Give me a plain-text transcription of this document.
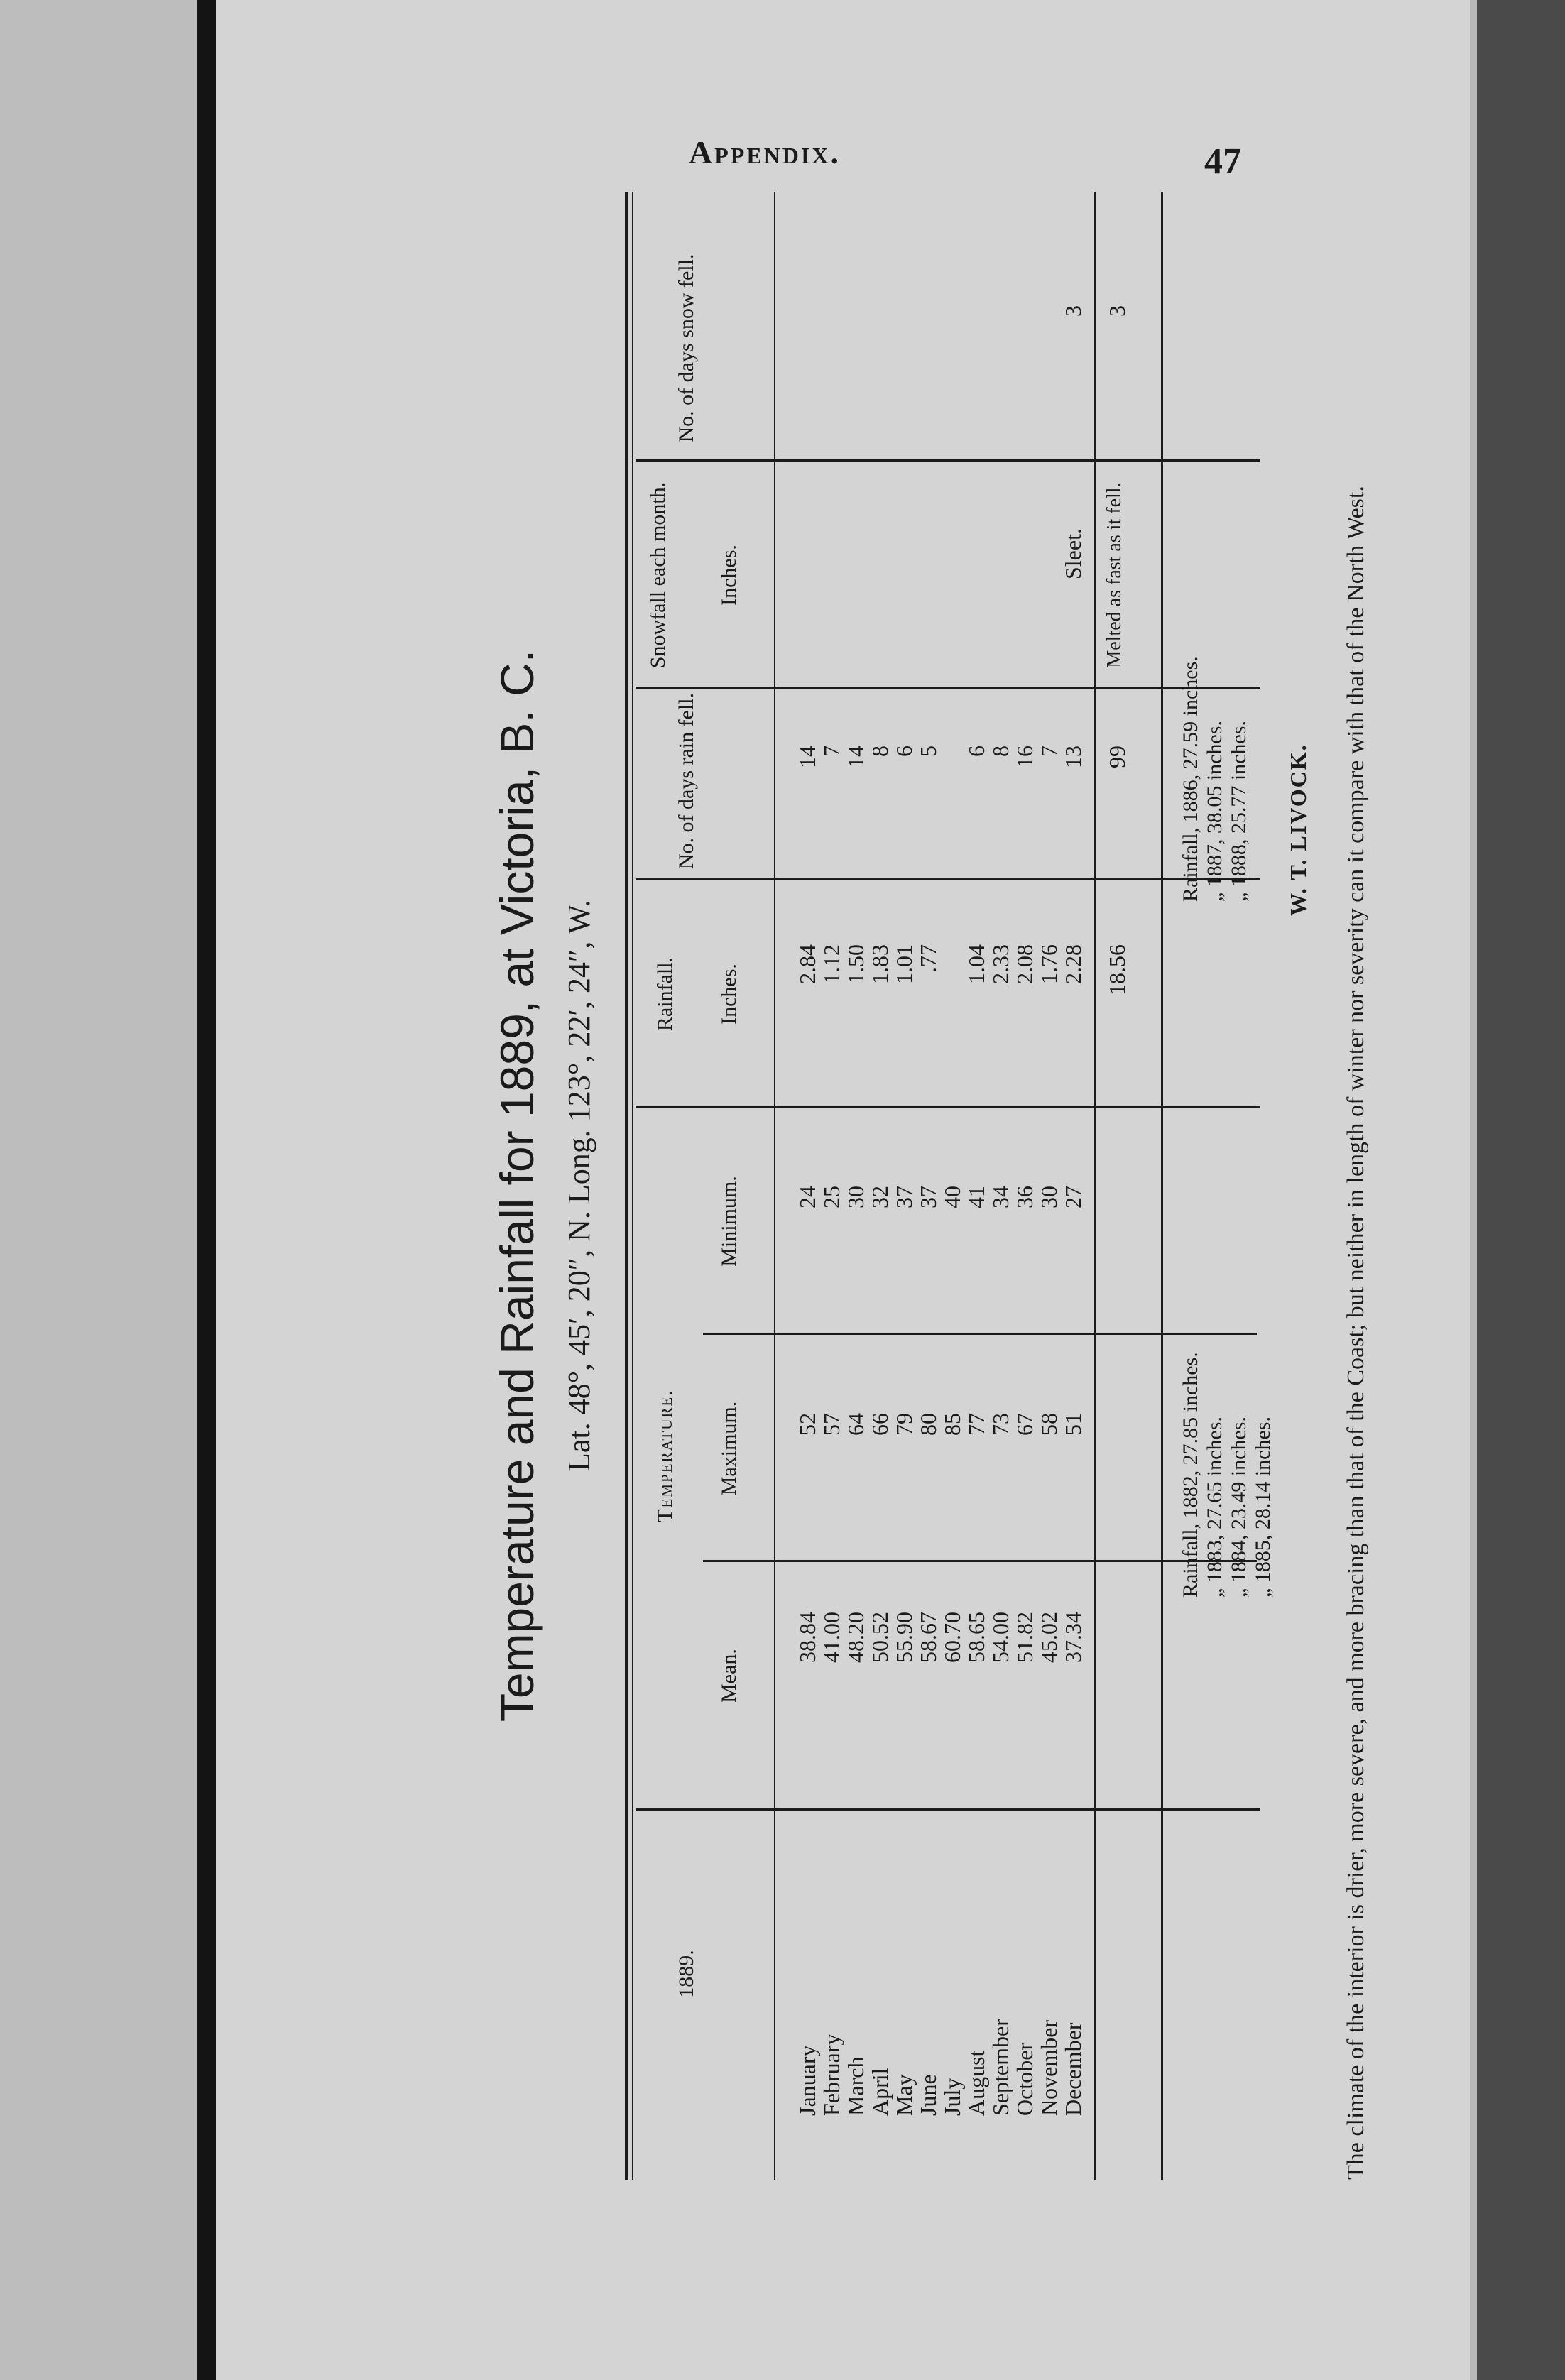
Appendix.	47
Temperature and Rainfall for 1889, at Victoria, B. C. Lat. 48°, 45′, 20″, N. Long. 123°, 22′, 24″, W.
1889.
Temperature.
Mean.
Maximum.
Minimum.
Rainfall. Inches.
No. of days rain fell.
Snowfall each month. Inches.
No. of days snow fell.
January
February
March
April
May
June
July
August
September
October
November
December
38.84
41.00
48.20
50.52
55.90
58.67
60.70
58.65
54.00
51.82
45.02
37.34
52
57
64
66
79
80
85
77
73
67
58
51
24
25
30
32
37
37
40
41
34
36
30
27
2.84
1.12
1.50
1.83
1.01
.77 1.04
2.33
2.08
1.76
2.28
14
7
14
8
6
5 6
8
16
7
13
Sleet.
3
18.56
99
Melted as fast as it fell.
3
Rainfall, 1882, 27.85 inches. „ 1883, 27.65 inches. „ 1884, 23.49 inches. „ 1885, 28.14 inches.
Rainfall, 1886, 27.59 inches. „ 1887, 38.05 inches. „ 1888, 25.77 inches. W. T. LIVOCK. The climate of the interior is drier, more severe, and more bracing than that of the Coast; but neither in length of winter nor severity can it compare with that of the North West.
